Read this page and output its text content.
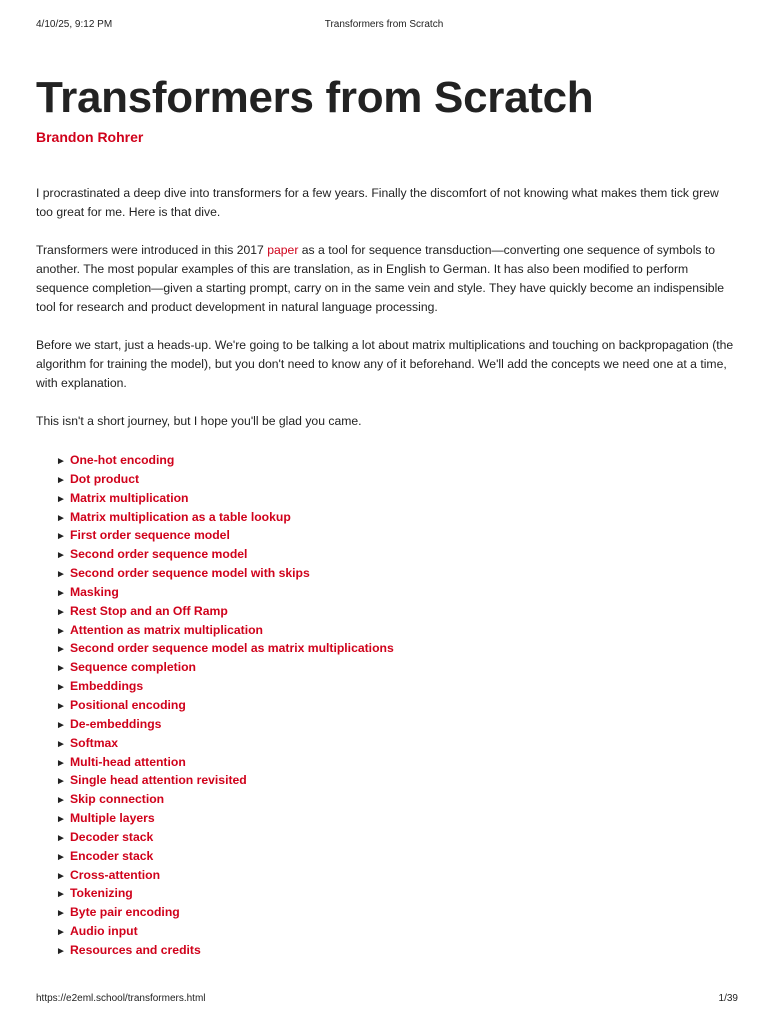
4/10/25, 9:12 PM	Transformers from Scratch
Transformers from Scratch
Brandon Rohrer

I procrastinated a deep dive into transformers for a few years. Finally the discomfort of not knowing what makes them tick grew too great for me. Here is that dive.

Transformers were introduced in this 2017 paper as a tool for sequence transduction—converting one sequence of symbols to another. The most popular examples of this are translation, as in English to German. It has also been modified to perform sequence completion—given a starting prompt, carry on in the same vein and style. They have quickly become an indispensible tool for research and product development in natural language processing.

Before we start, just a heads-up. We're going to be talking a lot about matrix multiplications and touching on backpropagation (the algorithm for training the model), but you don't need to know any of it beforehand. We'll add the concepts we need one at a time, with explanation.

This isn't a short journey, but I hope you'll be glad you came.

► One-hot encoding
► Dot product
► Matrix multiplication
► Matrix multiplication as a table lookup
► First order sequence model
► Second order sequence model
► Second order sequence model with skips
► Masking
► Rest Stop and an Off Ramp
► Attention as matrix multiplication
► Second order sequence model as matrix multiplications
► Sequence completion
► Embeddings
► Positional encoding
► De-embeddings
► Softmax
► Multi-head attention
► Single head attention revisited
► Skip connection
► Multiple layers
► Decoder stack
► Encoder stack
► Cross-attention
► Tokenizing
► Byte pair encoding
► Audio input
► Resources and credits
https://e2eml.school/transformers.html	1/39
